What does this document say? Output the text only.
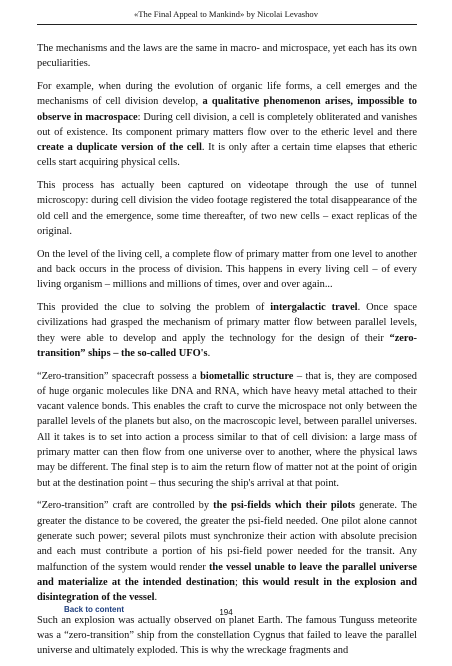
«The Final Appeal to Mankind» by Nicolai Levashov

The mechanisms and the laws are the same in macro- and microspace, yet each has its own peculiarities.

For example, when during the evolution of organic life forms, a cell emerges and the mechanisms of cell division develop, a qualitative phenomenon arises, impossible to observe in macrospace: During cell division, a cell is completely obliterated and vanishes out of existence. Its component primary matters flow over to the etheric level and there create a duplicate version of the cell. It is only after a certain time elapses that etheric cells start acquiring physical cells.

This process has actually been captured on videotape through the use of tunnel microscopy: during cell division the video footage registered the total disappearance of the old cell and the emergence, some time thereafter, of two new cells – exact replicas of the original.

On the level of the living cell, a complete flow of primary matter from one level to another and back occurs in the process of division. This happens in every living cell – of every living organism – millions and millions of times, over and over again...

This provided the clue to solving the problem of intergalactic travel. Once space civilizations had grasped the mechanism of primary matter flow between parallel levels, they were able to develop and apply the technology for the design of their “zero-transition” ships – the so-called UFO's.

“Zero-transition” spacecraft possess a biometallic structure – that is, they are composed of huge organic molecules like DNA and RNA, which have heavy metal attached to their vacant valence bonds. This enables the craft to curve the microspace not only between the parallel levels of the planets but also, on the macroscopic level, between parallel universes. All it takes is to set into action a process similar to that of cell division: a large mass of primary matter can then flow from one universe over to another, where the physical laws may be different. The final step is to aim the return flow of matter not at the point of origin but at the destination point – thus securing the ship's arrival at that point.

“Zero-transition” craft are controlled by the psi-fields which their pilots generate. The greater the distance to be covered, the greater the psi-field needed. One pilot alone cannot generate such power; several pilots must synchronize their action with absolute precision and each must contribute a portion of his psi-field power needed for the transit. Any malfunction of the system would render the vessel unable to leave the parallel universe and materialize at the intended destination; this would result in the explosion and disintegration of the vessel.

Such an explosion was actually observed on planet Earth. The famous Tunguss meteorite was a “zero-transition” ship from the constellation Cygnus that failed to leave the parallel universe and ultimately exploded. This is why the wreckage fragments and

Back to content	194
